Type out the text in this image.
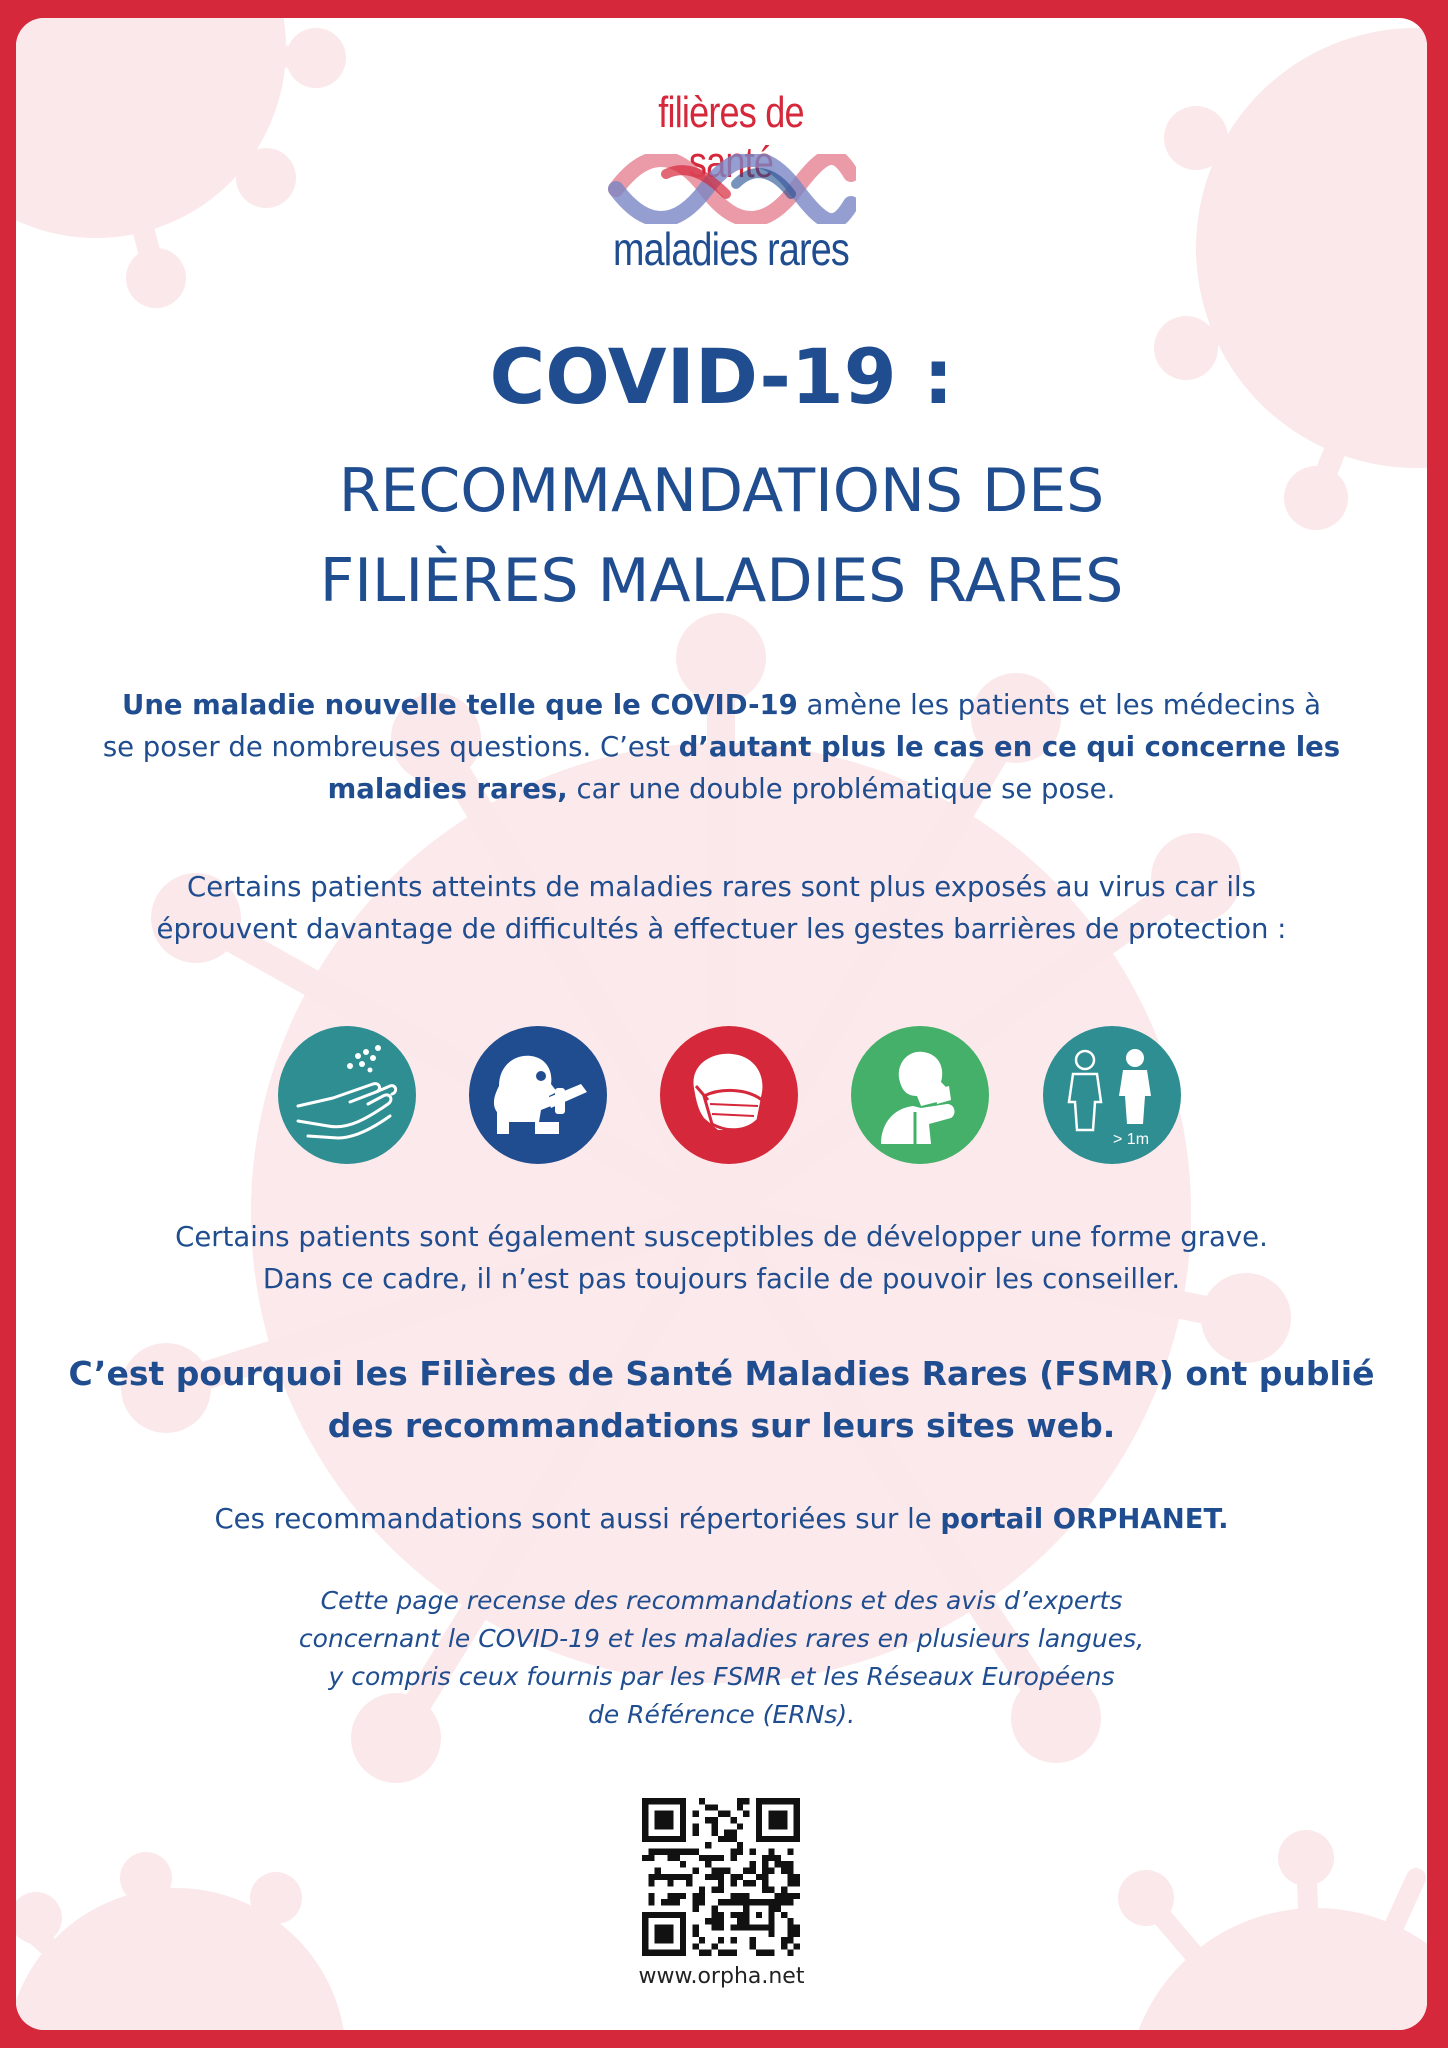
filières de santé
maladies rares
COVID-19 :
RECOMMANDATIONS DES
FILIÈRES MALADIES RARES
Une maladie nouvelle telle que le COVID-19 amène les patients et les médecins à
se poser de nombreuses questions. C’est d’autant plus le cas en ce qui concerne les
maladies rares, car une double problématique se pose.
Certains patients atteints de maladies rares sont plus exposés au virus car ils
éprouvent davantage de difficultés à effectuer les gestes barrières de protection :
> 1m
Certains patients sont également susceptibles de développer une forme grave.
Dans ce cadre, il n’est pas toujours facile de pouvoir les conseiller.
C’est pourquoi les Filières de Santé Maladies Rares (FSMR) ont publié
des recommandations sur leurs sites web.
Ces recommandations sont aussi répertoriées sur le portail ORPHANET.
Cette page recense des recommandations et des avis d’experts
concernant le COVID-19 et les maladies rares en plusieurs langues,
y compris ceux fournis par les FSMR et les Réseaux Européens
de Référence (ERNs).
www.orpha.net
